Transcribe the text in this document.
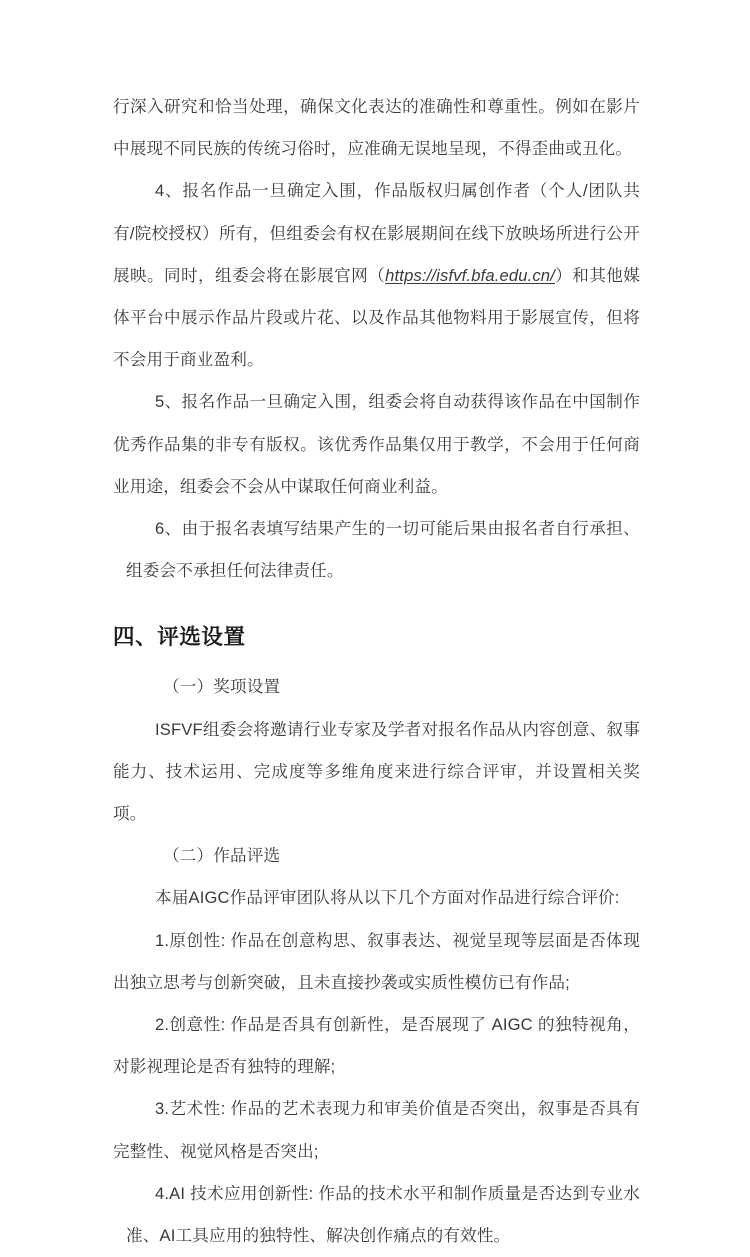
行深入研究和恰当处理，确保文化表达的准确性和尊重性。例如在影片中展现不同民族的传统习俗时，应准确无误地呈现，不得歪曲或丑化。

4、报名作品一旦确定入围，作品版权归属创作者（个人/团队共有/院校授权）所有，但组委会有权在影展期间在线下放映场所进行公开展映。同时，组委会将在影展官网（https://isfvf.bfa.edu.cn/）和其他媒体平台中展示作品片段或片花、以及作品其他物料用于影展宣传，但将不会用于商业盈利。

5、报名作品一旦确定入围，组委会将自动获得该作品在中国制作优秀作品集的非专有版权。该优秀作品集仅用于教学，不会用于任何商业用途，组委会不会从中谋取任何商业利益。

6、由于报名表填写结果产生的一切可能后果由报名者自行承担、组委会不承担任何法律责任。

四、评选设置

（一）奖项设置

ISFVF组委会将邀请行业专家及学者对报名作品从内容创意、叙事能力、技术运用、完成度等多维角度来进行综合评审，并设置相关奖项。

（二）作品评选

本届AIGC作品评审团队将从以下几个方面对作品进行综合评价:

1.原创性: 作品在创意构思、叙事表达、视觉呈现等层面是否体现出独立思考与创新突破，且未直接抄袭或实质性模仿已有作品;

2.创意性: 作品是否具有创新性，是否展现了 AIGC 的独特视角，对影视理论是否有独特的理解;

3.艺术性: 作品的艺术表现力和审美价值是否突出，叙事是否具有完整性、视觉风格是否突出;

4.AI 技术应用创新性: 作品的技术水平和制作质量是否达到专业水准、AI工具应用的独特性、解决创作痛点的有效性。
